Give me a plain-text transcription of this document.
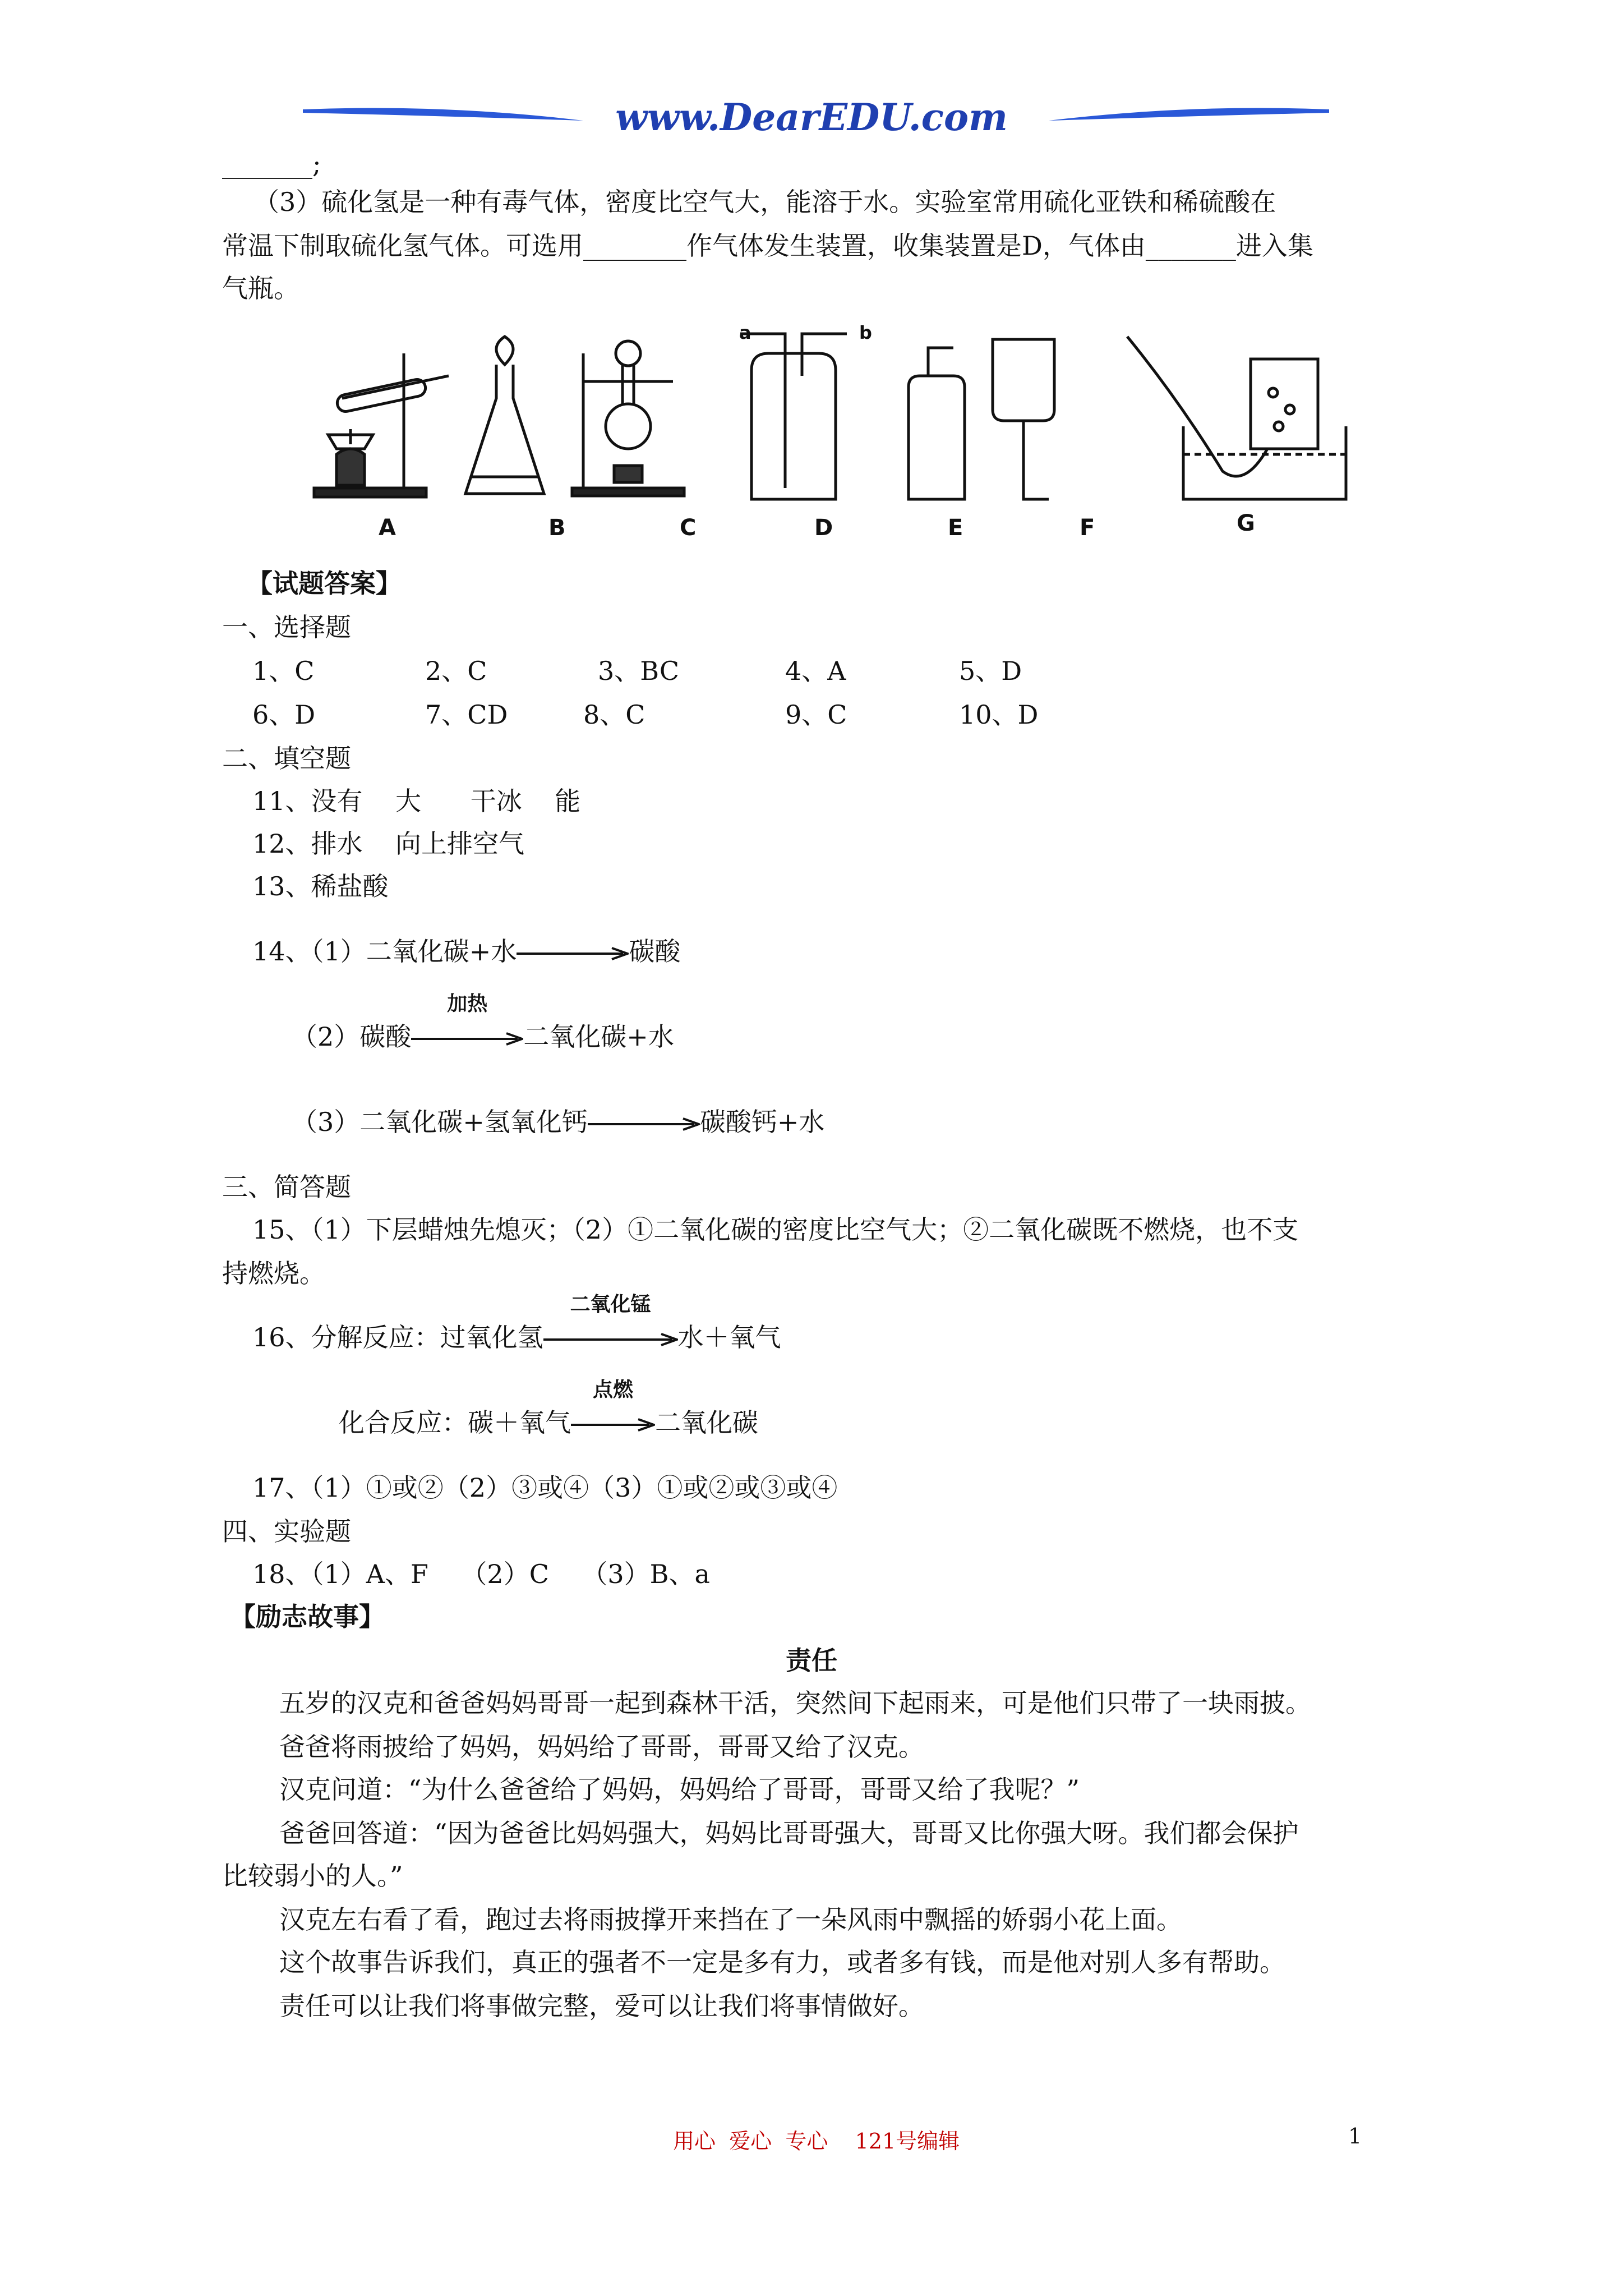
www.DearEDU.com
_______;
（3）硫化氢是一种有毒气体，密度比空气大，能溶于水。实验室常用硫化亚铁和稀硫酸在
常温下制取硫化氢气体。可选用________作气体发生装置，收集装置是D，气体由_______进入集
气瓶。
A	B	C	D	E	F	G
a	b
【试题答案】
一、选择题
1、C	2、C	3、BC	4、A	5、D
6、D	7、CD	8、C	9、C	10、D
二、填空题
11、没有    大      干冰    能
12、排水    向上排空气
13、稀盐酸
14、（1）二氧化碳+水	碳酸
（2）碳酸
加热
二氧化碳+水
（3）二氧化碳+氢氧化钙	碳酸钙+水
三、简答题
15、（1）下层蜡烛先熄灭；（2）①二氧化碳的密度比空气大；②二氧化碳既不燃烧，也不支
持燃烧。
16、分解反应：过氧化氢
二氧化锰
水＋氧气
化合反应：碳＋氧气
点燃
二氧化碳
17、（1）①或②（2）③或④（3）①或②或③或④
四、实验题
18、（1）A、F    （2）C    （3）B、a
【励志故事】
责任
五岁的汉克和爸爸妈妈哥哥一起到森林干活，突然间下起雨来，可是他们只带了一块雨披。
爸爸将雨披给了妈妈，妈妈给了哥哥，哥哥又给了汉克。
汉克问道：“为什么爸爸给了妈妈，妈妈给了哥哥，哥哥又给了我呢？”
爸爸回答道：“因为爸爸比妈妈强大，妈妈比哥哥强大，哥哥又比你强大呀。我们都会保护
比较弱小的人。”
汉克左右看了看，跑过去将雨披撑开来挡在了一朵风雨中飘摇的娇弱小花上面。
这个故事告诉我们，真正的强者不一定是多有力，或者多有钱，而是他对别人多有帮助。
责任可以让我们将事做完整，爱可以让我们将事情做好。
用心  爱心  专心    121号编辑	1
